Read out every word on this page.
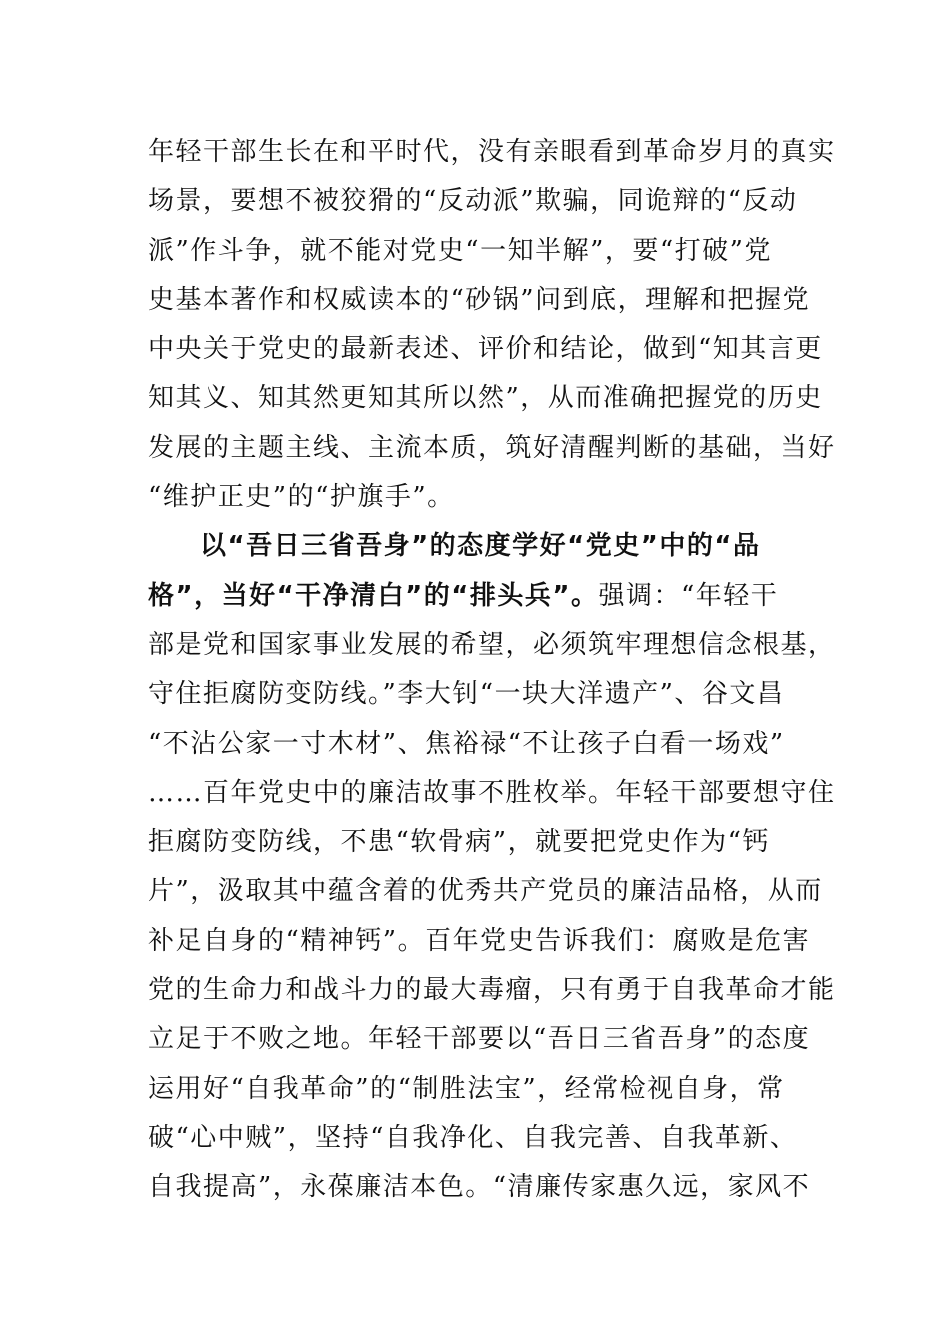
年轻干部生长在和平时代，没有亲眼看到革命岁月的真实
场景，要想不被狡猾的“反动派”欺骗，同诡辩的“反动
派”作斗争，就不能对党史“一知半解”，要“打破”党
史基本著作和权威读本的“砂锅”问到底，理解和把握党
中央关于党史的最新表述、评价和结论，做到“知其言更
知其义、知其然更知其所以然”，从而准确把握党的历史
发展的主题主线、主流本质，筑好清醒判断的基础，当好
“维护正史”的“护旗手”。
以“吾日三省吾身”的态度学好“党史”中的“品
格”，当好“干净清白”的“排头兵”。强调：“年轻干
部是党和国家事业发展的希望，必须筑牢理想信念根基，
守住拒腐防变防线。”李大钊“一块大洋遗产”、谷文昌
“不沾公家一寸木材”、焦裕禄“不让孩子白看一场戏”
……百年党史中的廉洁故事不胜枚举。年轻干部要想守住
拒腐防变防线，不患“软骨病”，就要把党史作为“钙
片”，汲取其中蕴含着的优秀共产党员的廉洁品格，从而
补足自身的“精神钙”。百年党史告诉我们：腐败是危害
党的生命力和战斗力的最大毒瘤，只有勇于自我革命才能
立足于不败之地。年轻干部要以“吾日三省吾身”的态度
运用好“自我革命”的“制胜法宝”，经常检视自身，常
破“心中贼”，坚持“自我净化、自我完善、自我革新、
自我提高”，永葆廉洁本色。“清廉传家惠久远，家风不
